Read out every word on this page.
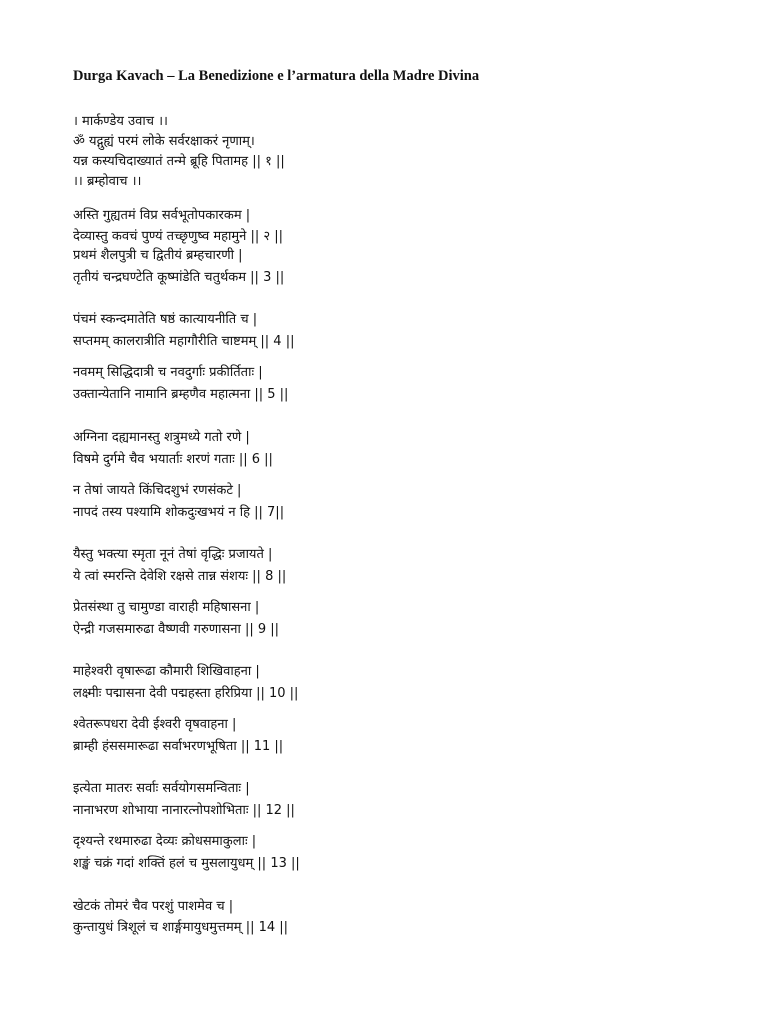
Durga Kavach – La Benedizione e l’armatura della Madre Divina
। मार्कण्डेय उवाच ।।
ॐ यद्गुह्यं परमं लोके सर्वरक्षाकरं नृणाम्।
यन्न कस्यचिदाख्यातं तन्मे ब्रूहि पितामह || १ ||
।। ब्रम्होवाच ।।
अस्ति गुह्यतमं विप्र सर्वभूतोपकारकम |
देव्यास्तु कवचं पुण्यं तच्छृणुष्व महामुने || २ ||
प्रथमं शैलपुत्री च द्वितीयं ब्रम्हचारणी |
तृतीयं चन्द्रघण्टेति कूष्मांडेति चतुर्थकम || 3 ||
पंचमं स्कन्दमातेति षष्ठं कात्यायनीति च |
सप्तमम् कालरात्रीति महागौरीति चाष्टमम् || 4 ||
नवमम् सिद्धिदात्री च नवदुर्गाः प्रकीर्तिताः |
उक्तान्येतानि नामानि ब्रम्हणैव महात्मना || 5 ||
अग्निना दह्यमानस्तु शत्रुमध्ये गतो रणे |
विषमे दुर्गमे चैव भयार्ताः शरणं गताः || 6 ||
न तेषां जायते किंचिदशुभं रणसंकटे |
नापदं तस्य पश्यामि शोकदुःखभयं न हि || 7||
यैस्तु भक्त्या स्मृता नूनं तेषां वृद्धिः प्रजायते |
ये त्वां स्मरन्ति देवेशि रक्षसे तान्न संशयः || 8 ||
प्रेतसंस्था तु चामुण्डा वाराही महिषासना |
ऐन्द्री गजसमारुढा वैष्णवी गरुणासना || 9 ||
माहेश्वरी वृषारूढा कौमारी शिखिवाहना |
लक्ष्मीः पद्मासना देवी पद्महस्ता हरिप्रिया || 10 ||
श्वेतरूपधरा देवी ईश्वरी वृषवाहना |
ब्राम्ही हंससमारूढा सर्वाभरणभूषिता || 11 ||
इत्येता मातरः सर्वाः सर्वयोगसमन्विताः |
नानाभरण शोभाया नानारत्नोपशोभिताः || 12 ||
दृश्यन्ते रथमारुढा देव्यः क्रोधसमाकुलाः |
शङ्खं चक्रं गदां शक्तिं हलं च मुसलायुधम् || 13 ||
खेटकं तोमरं चैव परशुं पाशमेव च |
कुन्तायुधं त्रिशूलं च शार्ङ्गमायुधमुत्तमम् || 14 ||
